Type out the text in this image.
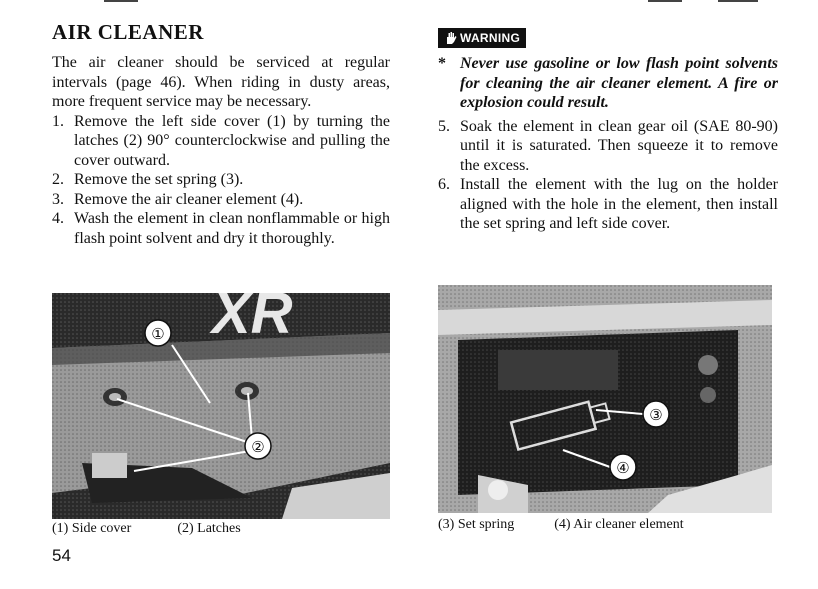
AIR CLEANER

The air cleaner should be serviced at regular intervals (page 46). When riding in dusty areas, more frequent service may be necessary.

1. Remove the left side cover (1) by turning the latches (2) 90° counterclockwise and pulling the cover outward.
2. Remove the set spring (3).
3. Remove the air cleaner element (4).
4. Wash the element in clean nonflammable or high flash point solvent and dry it thoroughly.
XR
①
②
(1) Side cover	(2) Latches
54
WARNING
* Never use gasoline or low flash point solvents for cleaning the air cleaner element. A fire or explosion could result.
5. Soak the element in clean gear oil (SAE 80-90) until it is saturated. Then squeeze it to remove the excess.
6. Install the element with the lug on the holder aligned with the hole in the element, then install the set spring and left side cover.
③
④
(3) Set spring	(4) Air cleaner element
